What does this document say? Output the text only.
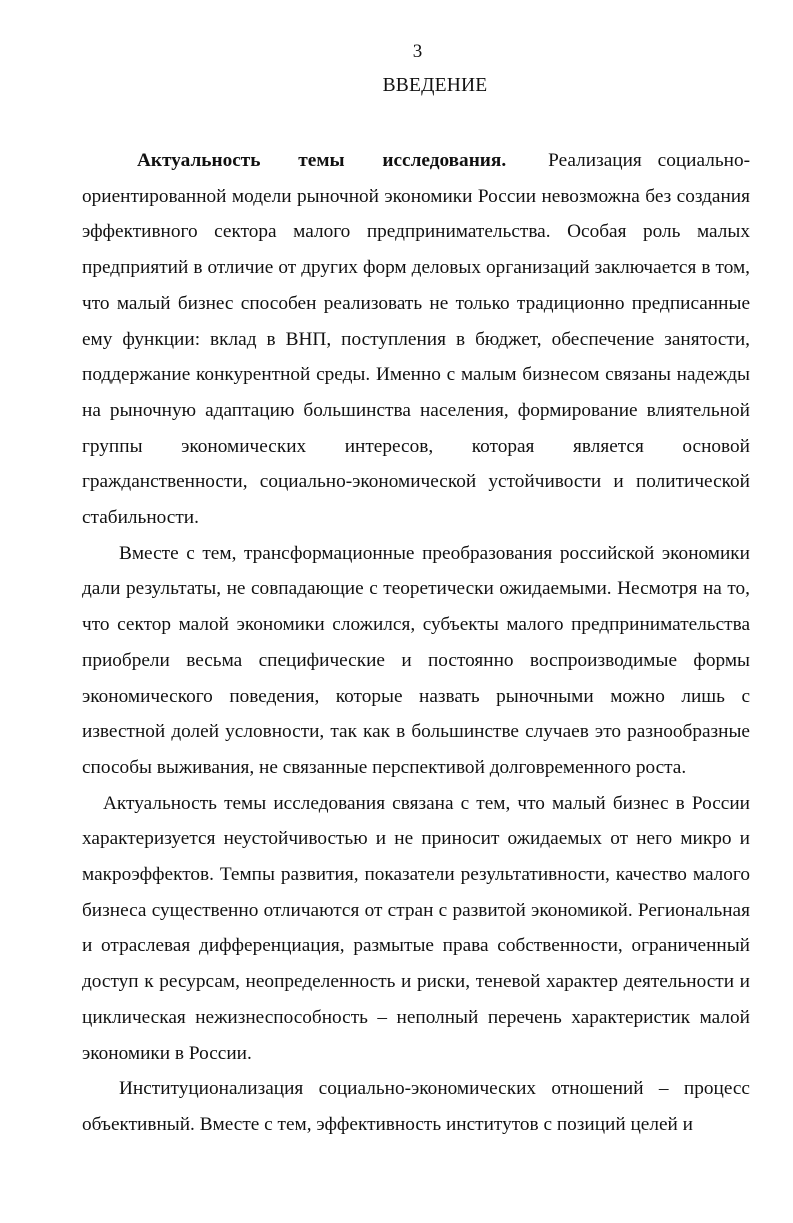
3
ВВЕДЕНИЕ

Актуальность темы исследования. Реализация социально-ориентированной модели рыночной экономики России невозможна без создания эффективного сектора малого предпринимательства. Особая роль малых предприятий в отличие от других форм деловых организаций заключается в том, что малый бизнес способен реализовать не только традиционно предписанные ему функции: вклад в ВНП, поступления в бюджет, обеспечение занятости, поддержание конкурентной среды. Именно с малым бизнесом связаны надежды на рыночную адаптацию большинства населения, формирование влиятельной группы экономических интересов, которая является основой гражданственности, социально-экономической устойчивости и политической стабильности.

Вместе с тем, трансформационные преобразования российской экономики дали результаты, не совпадающие с теоретически ожидаемыми. Несмотря на то, что сектор малой экономики сложился, субъекты малого предпринимательства приобрели весьма специфические и постоянно воспроизводимые формы экономического поведения, которые назвать рыночными можно лишь с известной долей условности, так как в большинстве случаев это разнообразные способы выживания, не связанные перспективой долговременного роста.

Актуальность темы исследования связана с тем, что малый бизнес в России характеризуется неустойчивостью и не приносит ожидаемых от него микро и макроэффектов. Темпы развития, показатели результативности, качество малого бизнеса существенно отличаются от стран с развитой экономикой. Региональная и отраслевая дифференциация, размытые права собственности, ограниченный доступ к ресурсам, неопределенность и риски, теневой характер деятельности и циклическая нежизнеспособность – неполный перечень характеристик малой экономики в России.

Институционализация социально-экономических отношений – процесс объективный. Вместе с тем, эффективность институтов с позиций целей и
